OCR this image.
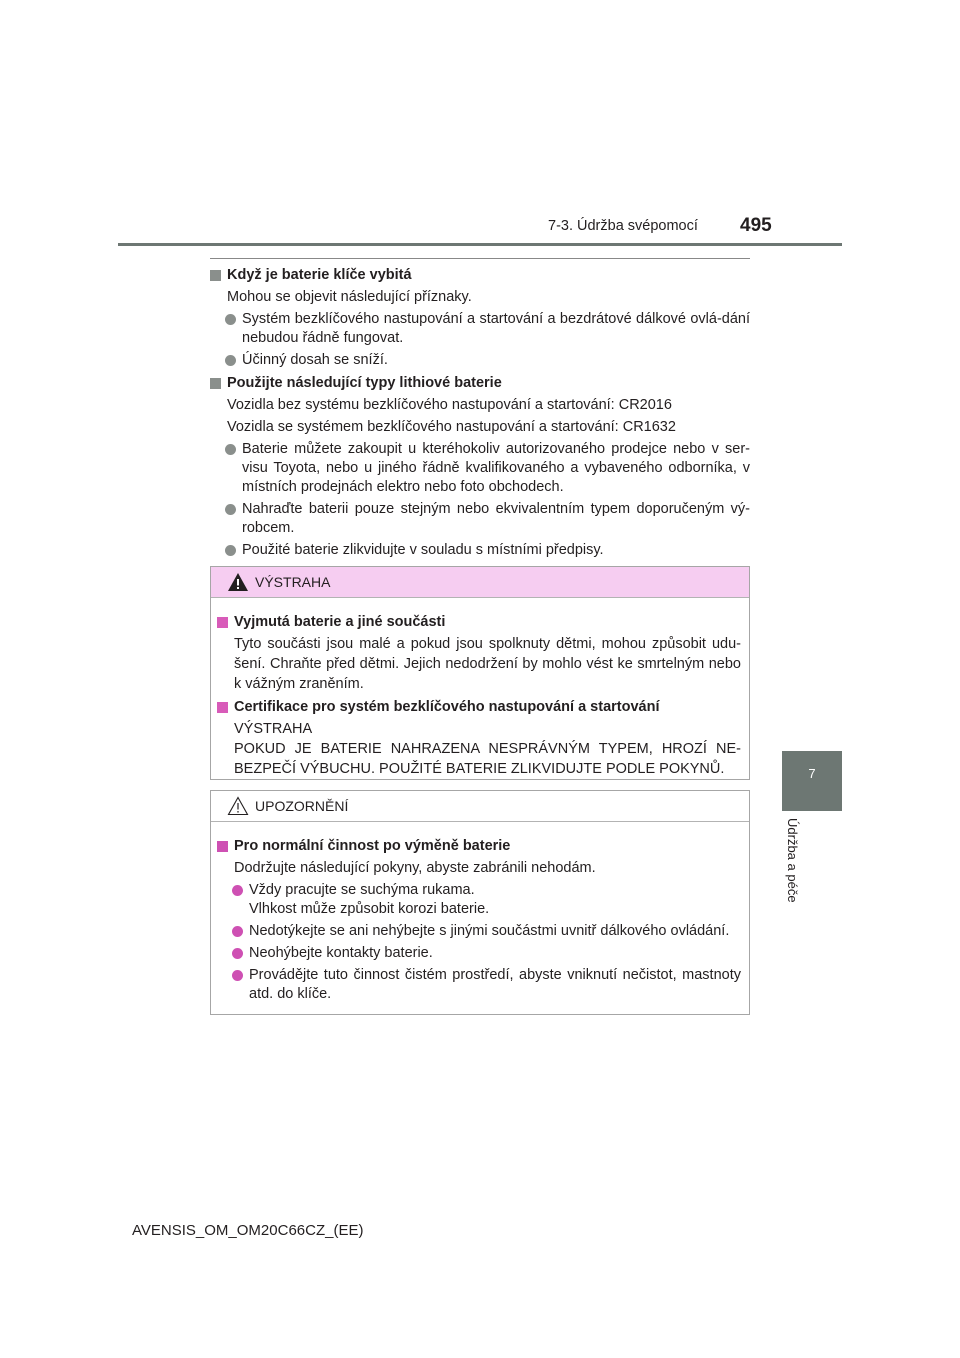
7-3. Údržba svépomocí 495
7
Údržba a péče
Když je baterie klíče vybitá
Mohou se objevit následující příznaky.
Systém bezklíčového nastupování a startování a bezdrátové dálkové ovlá-dání nebudou řádně fungovat.
Účinný dosah se sníží.
Použijte následující typy lithiové baterie
Vozidla bez systému bezklíčového nastupování a startování: CR2016
Vozidla se systémem bezklíčového nastupování a startování: CR1632
Baterie můžete zakoupit u kteréhokoliv autorizovaného prodejce nebo v ser-visu Toyota, nebo u jiného řádně kvalifikovaného a vybaveného odborníka, v místních prodejnách elektro nebo foto obchodech.
Nahraďte baterii pouze stejným nebo ekvivalentním typem doporučeným vý-robcem.
Použité baterie zlikvidujte v souladu s místními předpisy.
VÝSTRAHA
Vyjmutá baterie a jiné součásti
Tyto součásti jsou malé a pokud jsou spolknuty dětmi, mohou způsobit udu-šení. Chraňte před dětmi. Jejich nedodržení by mohlo vést ke smrtelným nebo k vážným zraněním.
Certifikace pro systém bezklíčového nastupování a startování
VÝSTRAHA
POKUD JE BATERIE NAHRAZENA NESPRÁVNÝM TYPEM, HROZÍ NE-BEZPEČÍ VÝBUCHU. POUŽITÉ BATERIE ZLIKVIDUJTE PODLE POKYNŮ.
UPOZORNĚNÍ
Pro normální činnost po výměně baterie
Dodržujte následující pokyny, abyste zabránili nehodám.
Vždy pracujte se suchýma rukama.
Vlhkost může způsobit korozi baterie.
Nedotýkejte se ani nehýbejte s jinými součástmi uvnitř dálkového ovládání.
Neohýbejte kontakty baterie.
Provádějte tuto činnost čistém prostředí, abyste vniknutí nečistot, mastnoty atd. do klíče.
AVENSIS_OM_OM20C66CZ_(EE)
